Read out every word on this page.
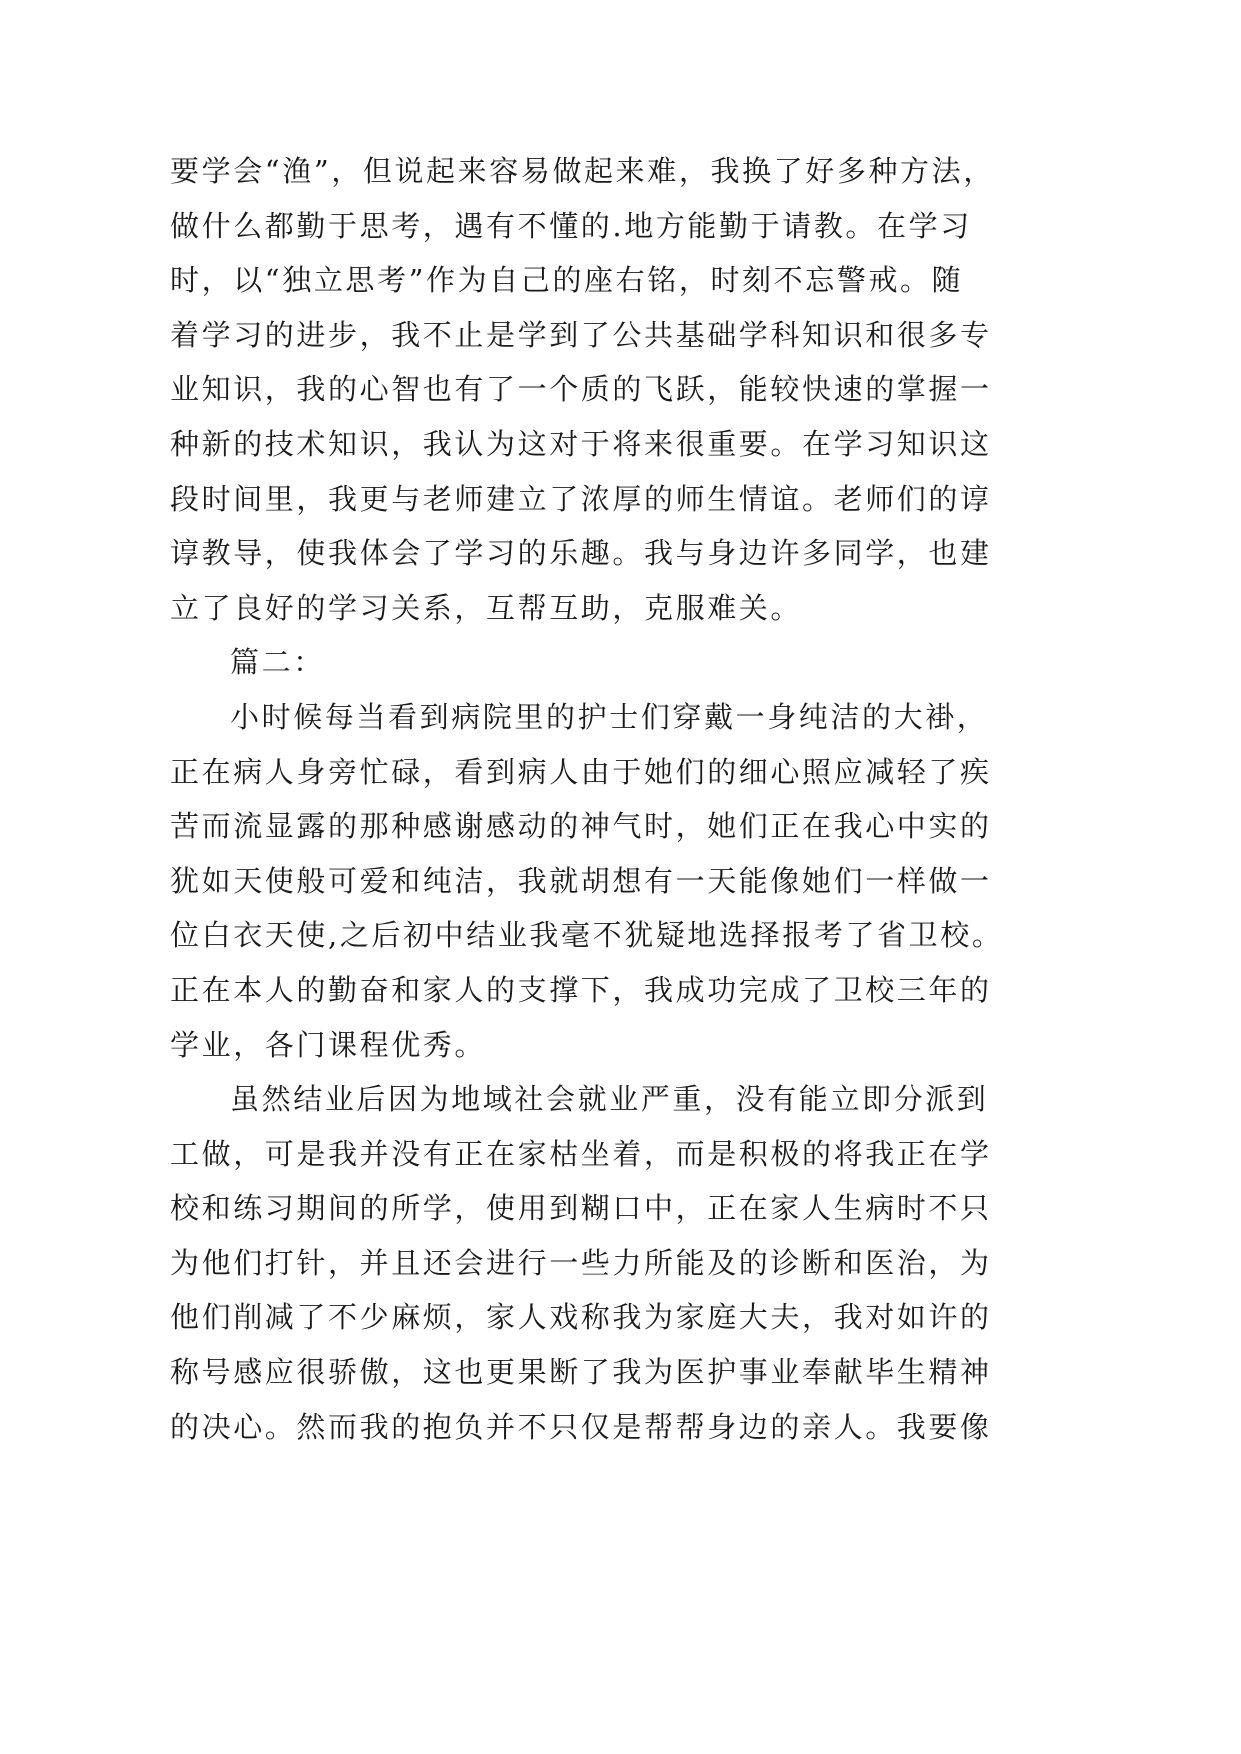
要学会“渔”，但说起来容易做起来难，我换了好多种方法，
做什么都勤于思考，遇有不懂的.地方能勤于请教。在学习
时，以“独立思考”作为自己的座右铭，时刻不忘警戒。随
着学习的进步，我不止是学到了公共基础学科知识和很多专
业知识，我的心智也有了一个质的飞跃，能较快速的掌握一
种新的技术知识，我认为这对于将来很重要。在学习知识这
段时间里，我更与老师建立了浓厚的师生情谊。老师们的谆
谆教导，使我体会了学习的乐趣。我与身边许多同学，也建
立了良好的学习关系，互帮互助，克服难关。
篇二：
小时候每当看到病院里的护士们穿戴一身纯洁的大褂，
正在病人身旁忙碌，看到病人由于她们的细心照应减轻了疾
苦而流显露的那种感谢感动的神气时，她们正在我心中实的
犹如天使般可爱和纯洁，我就胡想有一天能像她们一样做一
位白衣天使,之后初中结业我毫不犹疑地选择报考了省卫校。
正在本人的勤奋和家人的支撑下，我成功完成了卫校三年的
学业，各门课程优秀。
虽然结业后因为地域社会就业严重，没有能立即分派到
工做，可是我并没有正在家枯坐着，而是积极的将我正在学
校和练习期间的所学，使用到糊口中，正在家人生病时不只
为他们打针，并且还会进行一些力所能及的诊断和医治，为
他们削减了不少麻烦，家人戏称我为家庭大夫，我对如许的
称号感应很骄傲，这也更果断了我为医护事业奉献毕生精神
的决心。然而我的抱负并不只仅是帮帮身边的亲人。我要像
